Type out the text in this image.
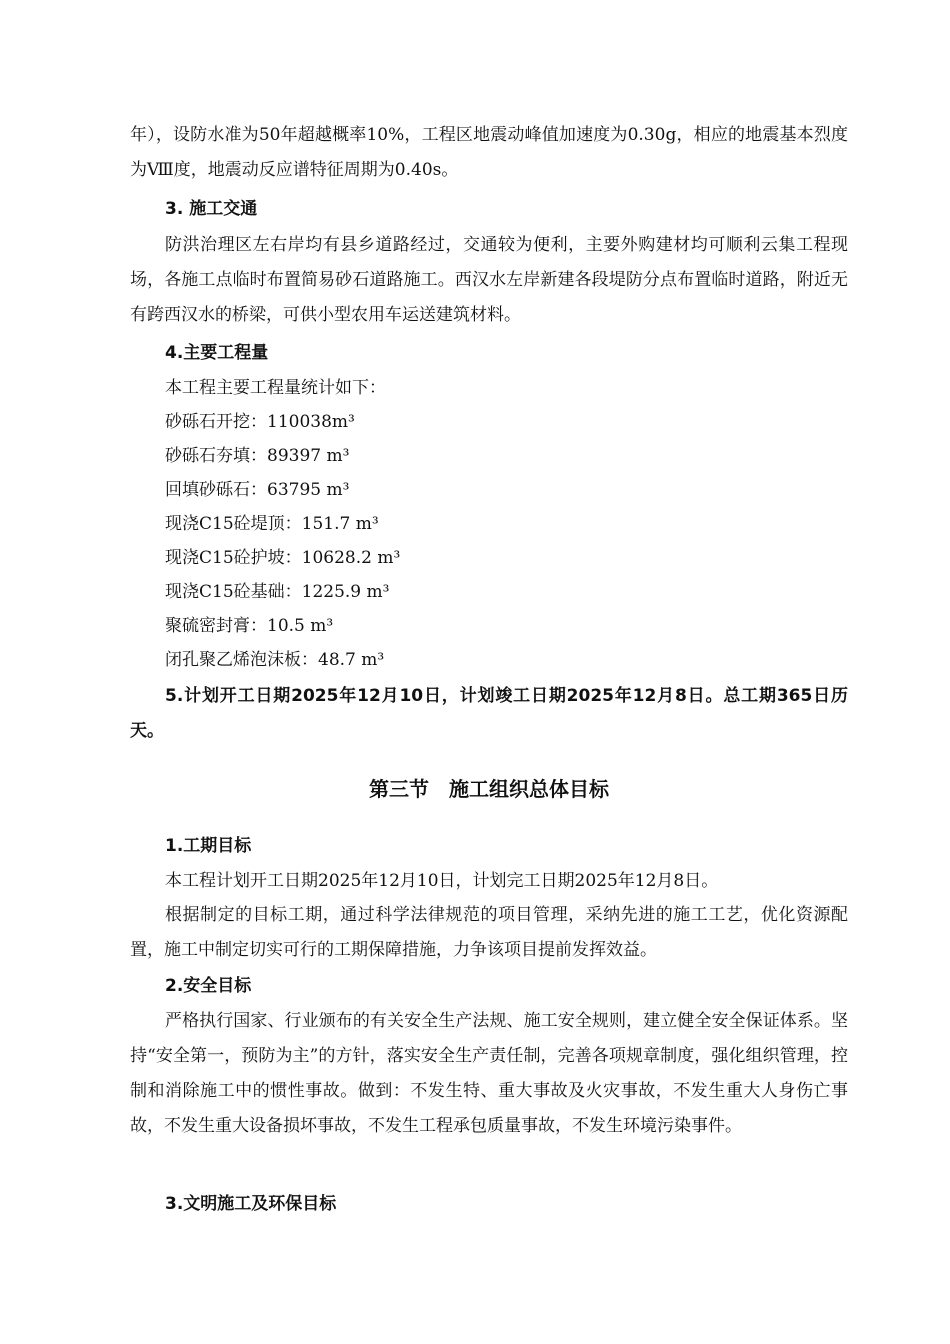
年），设防水准为50年超越概率10%，工程区地震动峰值加速度为0.30g，相应的地震基本烈度为Ⅷ度，地震动反应谱特征周期为0.40s。

3. 施工交通

防洪治理区左右岸均有县乡道路经过，交通较为便利，主要外购建材均可顺利云集工程现场，各施工点临时布置简易砂石道路施工。西汉水左岸新建各段堤防分点布置临时道路，附近无有跨西汉水的桥梁，可供小型农用车运送建筑材料。

4.主要工程量

本工程主要工程量统计如下：

砂砾石开挖：110038m³

砂砾石夯填：89397 m³

回填砂砾石：63795 m³

现浇C15砼堤顶：151.7 m³

现浇C15砼护坡：10628.2 m³

现浇C15砼基础：1225.9 m³

聚硫密封膏：10.5 m³

闭孔聚乙烯泡沫板：48.7 m³

5.计划开工日期2025年12月10日，计划竣工日期2025年12月8日。总工期365日历天。

第三节　施工组织总体目标

1.工期目标

本工程计划开工日期2025年12月10日，计划完工日期2025年12月8日。

根据制定的目标工期，通过科学法律规范的项目管理，采纳先进的施工工艺，优化资源配置，施工中制定切实可行的工期保障措施，力争该项目提前发挥效益。

2.安全目标

严格执行国家、行业颁布的有关安全生产法规、施工安全规则，建立健全安全保证体系。坚持“安全第一，预防为主”的方针，落实安全生产责任制，完善各项规章制度，强化组织管理，控制和消除施工中的惯性事故。做到：不发生特、重大事故及火灾事故，不发生重大人身伤亡事故，不发生重大设备损坏事故，不发生工程承包质量事故，不发生环境污染事件。

3.文明施工及环保目标
